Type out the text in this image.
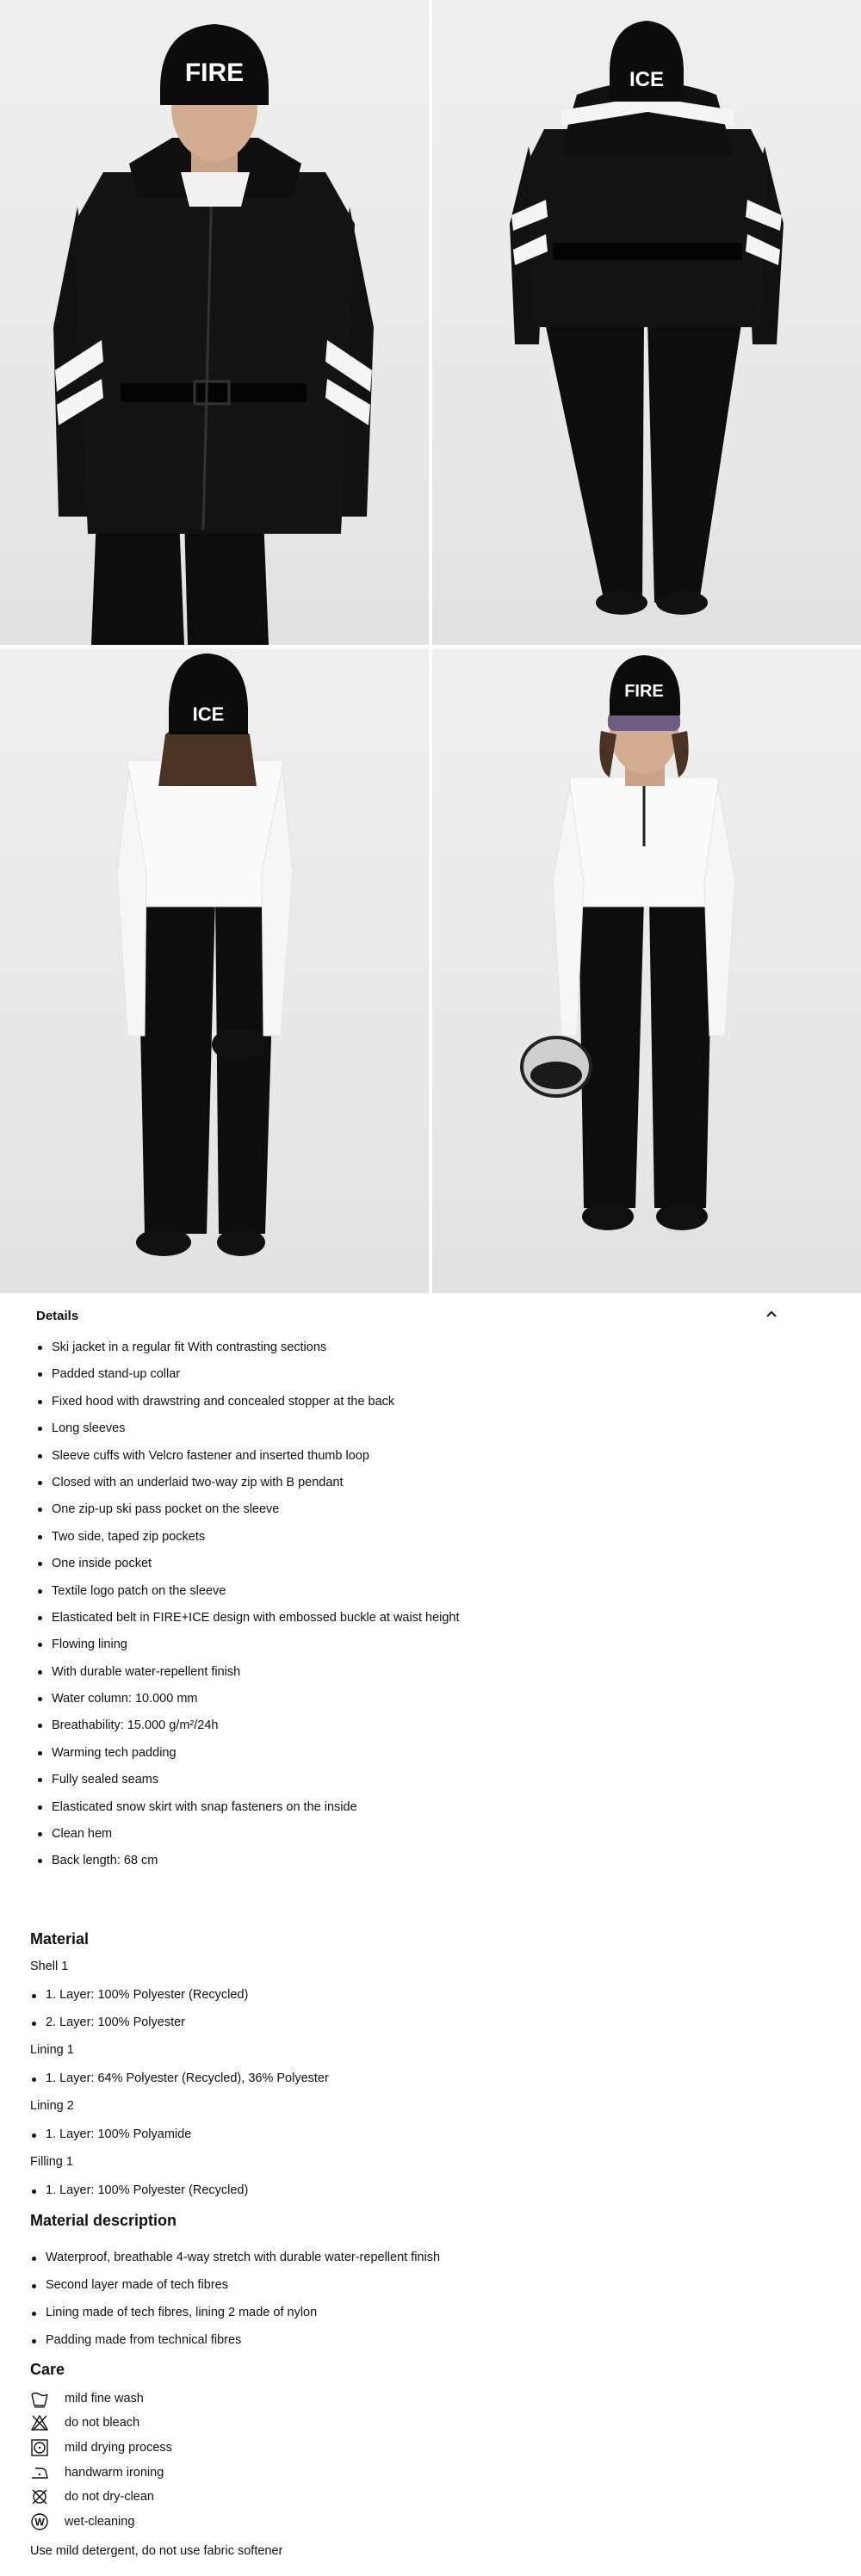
FIRE	ICE
ICE
FIRE
Details
Ski jacket in a regular fit With contrasting sections
Padded stand-up collar
Fixed hood with drawstring and concealed stopper at the back
Long sleeves
Sleeve cuffs with Velcro fastener and inserted thumb loop
Closed with an underlaid two-way zip with B pendant
One zip-up ski pass pocket on the sleeve
Two side, taped zip pockets
One inside pocket
Textile logo patch on the sleeve
Elasticated belt in FIRE+ICE design with embossed buckle at waist height
Flowing lining
With durable water-repellent finish
Water column: 10.000 mm
Breathability: 15.000 g/m²/24h
Warming tech padding
Fully sealed seams
Elasticated snow skirt with snap fasteners on the inside
Clean hem
Back length: 68 cm
Material
Shell 1
1. Layer: 100% Polyester (Recycled)
2. Layer: 100% Polyester
Lining 1
1. Layer: 64% Polyester (Recycled), 36% Polyester
Lining 2
1. Layer: 100% Polyamide
Filling 1
1. Layer: 100% Polyester (Recycled)
Material description
Waterproof, breathable 4-way stretch with durable water-repellent finish
Second layer made of tech fibres
Lining made of tech fibres, lining 2 made of nylon
Padding made from technical fibres
Care
mild fine wash
do not bleach
mild drying process
handwarm ironing
do not dry-clean
W wet-cleaning
Use mild detergent, do not use fabric softener
